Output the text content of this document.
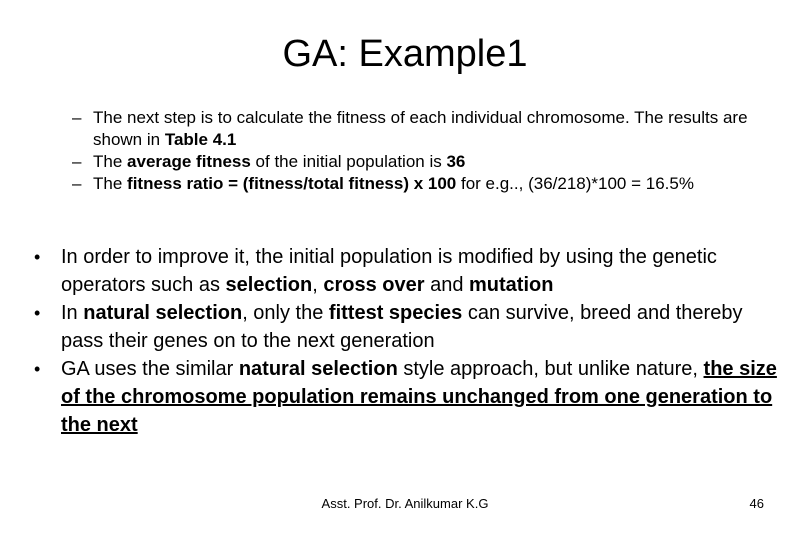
GA: Example1
– The next step is to calculate the fitness of each individual chromosome. The results are shown in Table 4.1
– The average fitness of the initial population is 36
– The fitness ratio = (fitness/total fitness) x 100 for e.g.., (36/218)*100 = 16.5%
• In order to improve it, the initial population is modified by using the genetic operators such as selection, cross over and mutation
• In natural selection, only the fittest species can survive, breed and thereby pass their genes on to the next generation
• GA uses the similar natural selection style approach, but unlike nature, the size of the chromosome population remains unchanged from one generation to the next
Asst. Prof. Dr. Anilkumar K.G	46
